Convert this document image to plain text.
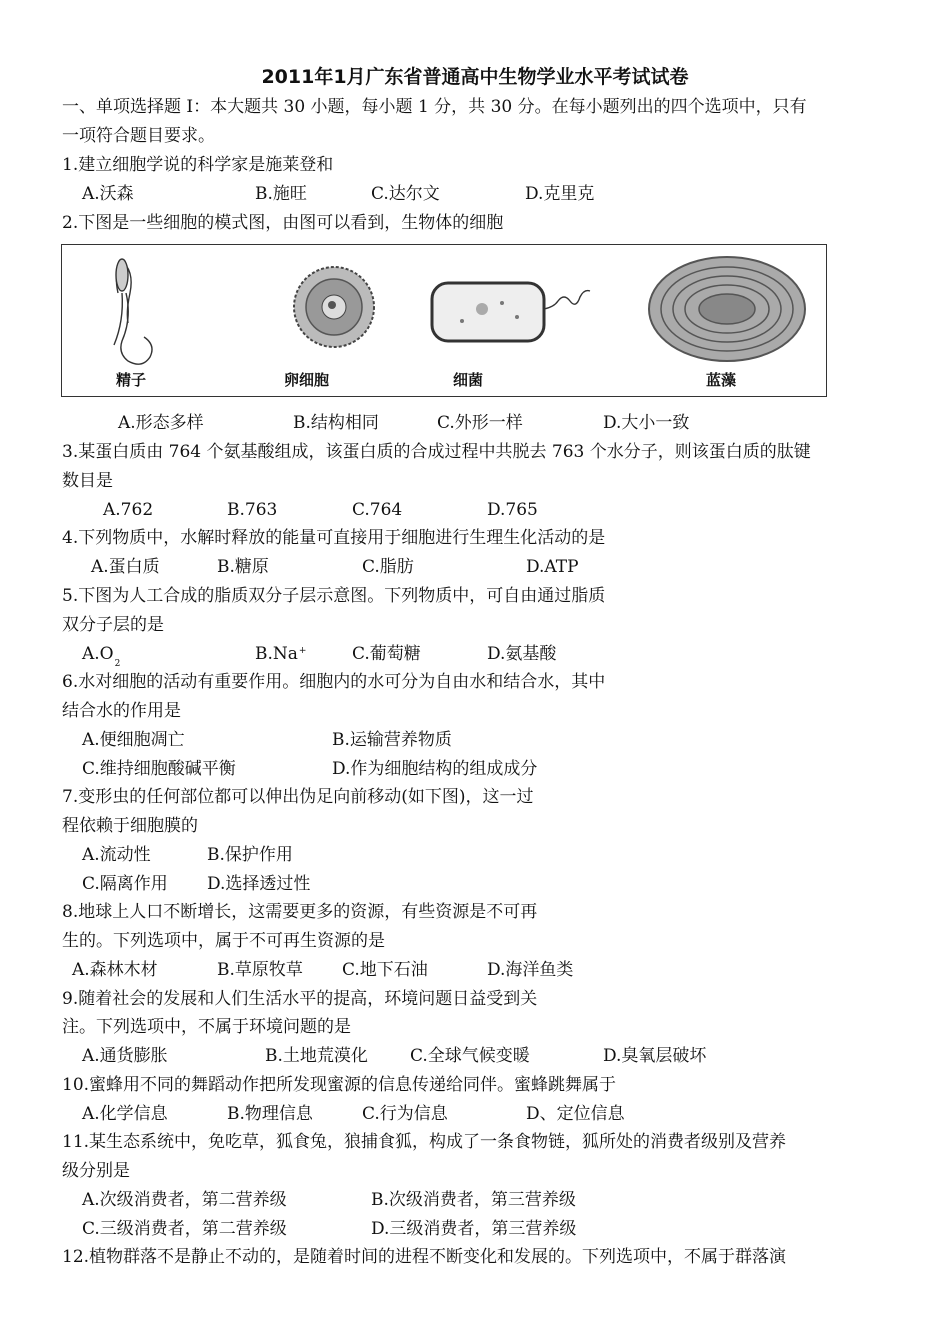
2011年1月广东省普通高中生物学业水平考试试卷
一、单项选择题 I：本大题共 30 小题，每小题 1 分，共 30 分。在每小题列出的四个选项中，只有
一项符合题目要求。
1.建立细胞学说的科学家是施莱登和
A.沃森	B.施旺	C.达尔文	D.克里克
2.下图是一些细胞的模式图，由图可以看到，生物体的细胞
精子	卵细胞	细菌	蓝藻
A.形态多样	B.结构相同	C.外形一样	D.大小一致
3.某蛋白质由 764 个氨基酸组成，该蛋白质的合成过程中共脱去 763 个水分子，则该蛋白质的肽键
数目是
A.762	B.763	C.764	D.765
4.下列物质中，水解时释放的能量可直接用于细胞进行生理生化活动的是
A.蛋白质	B.糖原	C.脂肪	D.ATP
5.下图为人工合成的脂质双分子层示意图。下列物质中，可自由通过脂质
双分子层的是
$A.O_2$	B.Na+	C.葡萄糖	D.氨基酸
6.水对细胞的活动有重要作用。细胞内的水可分为自由水和结合水，其中
结合水的作用是
A.便细胞凋亡	B.运输营养物质
C.维持细胞酸碱平衡	D.作为细胞结构的组成成分
7.变形虫的任何部位都可以伸出伪足向前移动(如下图)，这一过
程依赖于细胞膜的
A.流动性	B.保护作用
C.隔离作用 D.选择透过性
8.地球上人口不断增长，这需要更多的资源，有些资源是不可再
生的。下列选项中，属于不可再生资源的是
A.森林木材	B.草原牧草 C.地下石油	D.海洋鱼类
9.随着社会的发展和人们生活水平的提高，环境问题日益受到关
注。下列选项中，不属于环境问题的是
A.通货膨胀	B.土地荒漠化 C.全球气候变暖	D.臭氧层破坏
10.蜜蜂用不同的舞蹈动作把所发现蜜源的信息传递给同伴。蜜蜂跳舞属于
A.化学信息	B.物理信息	C.行为信息	D、定位信息
11.某生态系统中，免吃草，狐食兔，狼捕食狐，构成了一条食物链，狐所处的消费者级别及营养
级分别是
A.次级消费者，第二营养级	B.次级消费者，第三营养级
C.三级消费者，第二营养级	D.三级消费者，第三营养级
12.植物群落不是静止不动的，是随着时间的进程不断变化和发展的。下列选项中，不属于群落演
